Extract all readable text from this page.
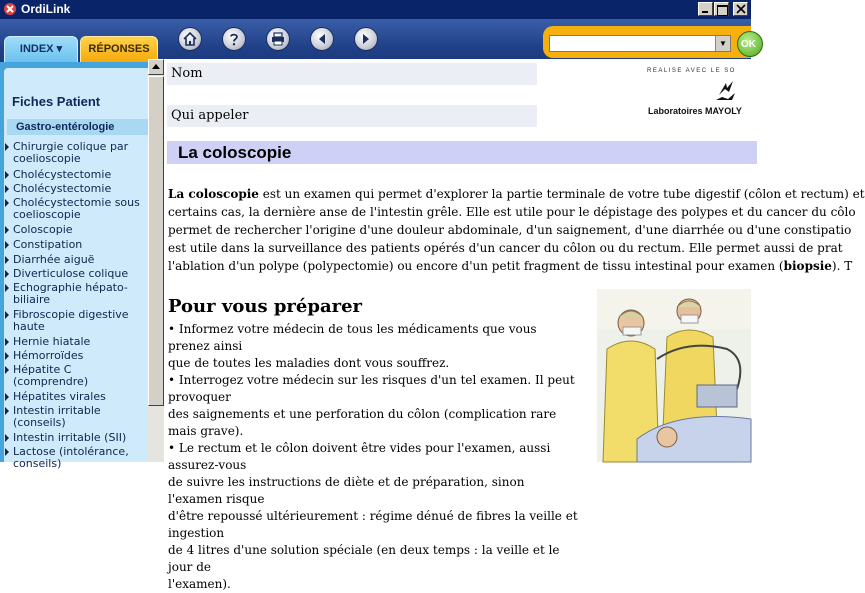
OrdiLink
INDEX ▾	RÉPONSES	▼	OK
Fiches Patient
Gastro-entérologie
Chirurgie colique par coelioscopie
Cholécystectomie
Cholécystectomie
Cholécystectomie sous coelioscopie
Coloscopie
Constipation
Diarrhée aiguë
Diverticulose colique
Echographie hépato-biliaire
Fibroscopie digestive haute
Hernie hiatale
Hémorroïdes
Hépatite C (comprendre)
Hépatites virales
Intestin irritable (conseils)
Intestin irritable (SII)
Lactose (intolérance, conseils)
Nom
Qui appeler
REALISE AVEC LE SO
Laboratoires MAYOLY
La coloscopie

La coloscopie est un examen qui permet d'explorer la partie terminale de votre tube digestif (côlon et rectum) et

certains cas, la dernière anse de l'intestin grêle. Elle est utile pour le dépistage des polypes et du cancer du côlo

permet de rechercher l'origine d'une douleur abdominale, d'un saignement, d'une diarrhée ou d'une constipatio

est utile dans la surveillance des patients opérés d'un cancer du côlon ou du rectum. Elle permet aussi de prat

l'ablation d'un polype (polypectomie) ou encore d'un petit fragment de tissu intestinal pour examen (biopsie). T

Pour vous préparer

• Informez votre médecin de tous les médicaments que vous prenez ainsi

que de toutes les maladies dont vous souffrez.

• Interrogez votre médecin sur les risques d'un tel examen. Il peut provoquer

des saignements et une perforation du côlon (complication rare mais grave).

• Le rectum et le côlon doivent être vides pour l'examen, aussi assurez-vous

de suivre les instructions de diète et de préparation, sinon l'examen risque

d'être repoussé ultérieurement : régime dénué de fibres la veille et ingestion

de 4 litres d'une solution spéciale (en deux temps : la veille et le jour de

l'examen).
